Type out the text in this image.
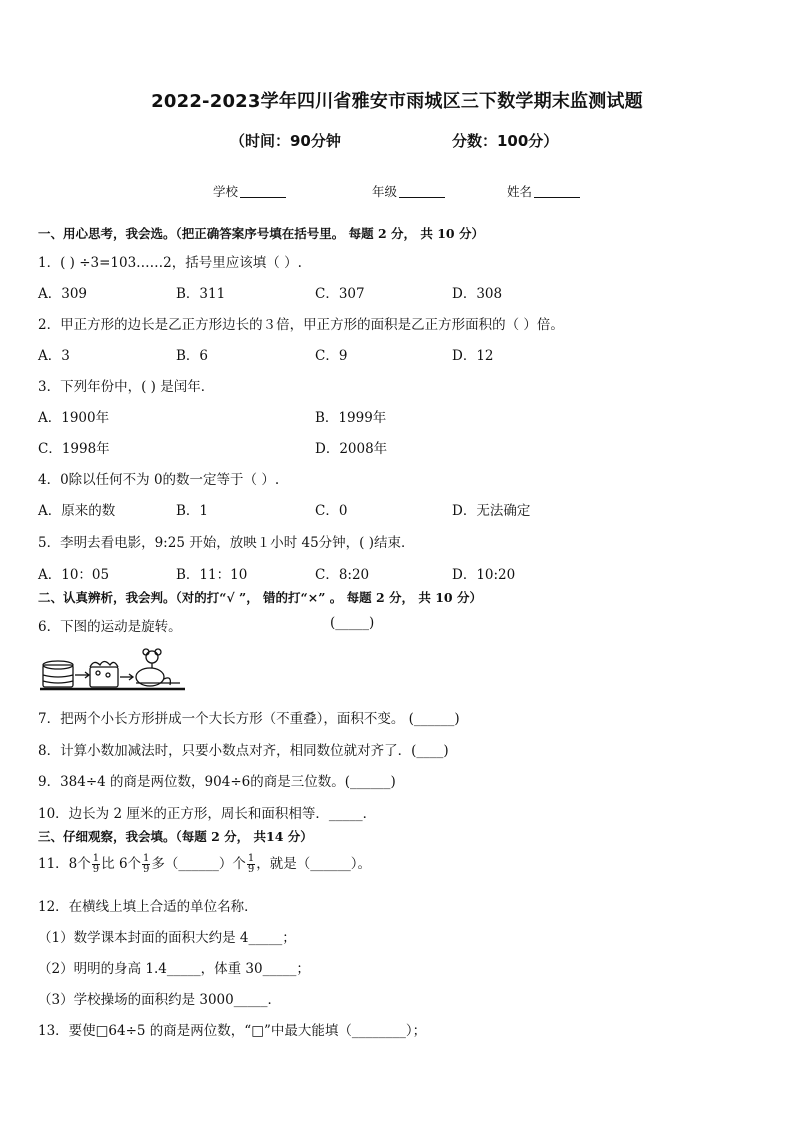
2022-2023学年四川省雅安市雨城区三下数学期末监测试题
（时间：90分钟	分数：100分）
学校	年级	姓名
一、用心思考，我会选。（把正确答案序号填在括号里。 每题 2 分， 共 10 分）
1．( ) ÷3=103……2，括号里应该填（ ）.
A．309	B．311	C．307	D．308
2．甲正方形的边长是乙正方形边长的３倍，甲正方形的面积是乙正方形面积的（ ）倍。
A．3	B．6	C．9	D．12
3．下列年份中，( ) 是闰年．
A．1900年	B．1999年
C．1998年	D．2008年
4．0除以任何不为 0的数一定等于（ ）.
A．原来的数	B．1	C．0	D．无法确定
5．李明去看电影，9:25 开始，放映１小时 45分钟，( )结束．
A．10：05	B．11：10	C．8:20	D．10:20
二、认真辨析，我会判。（对的打“√ ”， 错的打“×” 。 每题 2 分， 共 10 分）
6．下图的运动是旋转。	(_____)
7．把两个小长方形拼成一个大长方形（不重叠），面积不变。 (______)
8．计算小数加减法时，只要小数点对齐，相同数位就对齐了．(____)
9．384÷4 的商是两位数，904÷6的商是三位数。(______)
10．边长为 2 厘米的正方形，周长和面积相等．_____．
三、仔细观察，我会填。（每题 2 分， 共14 分）
11．8个 $\frac{1}{9}$ 比 6个 $\frac{1}{9}$ 多（______）个 $\frac{1}{9}$ ，就是（______）。
12．在横线上填上合适的单位名称．
（1）数学课本封面的面积大约是 4_____；
（2）明明的身高 1.4_____，体重 30_____；
（3）学校操场的面积约是 3000_____．
13．要使□64÷5 的商是两位数，“□”中最大能填（________）；
